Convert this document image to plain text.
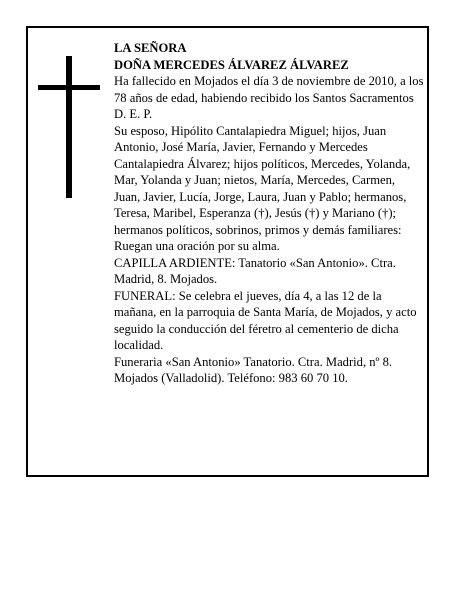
LA SEÑORA

DOÑA MERCEDES ÁLVAREZ ÁLVAREZ

Ha fallecido en Mojados el día 3 de noviembre de 2010, a los 78 años de edad, habiendo recibido los Santos Sacramentos

D. E. P.

Su esposo, Hipólito Cantalapiedra Miguel; hijos, Juan Antonio, José María, Javier, Fernando y Mercedes Cantalapiedra Álvarez; hijos políticos, Mercedes, Yolanda, Mar, Yolanda y Juan; nietos, María, Mercedes, Carmen, Juan, Javier, Lucía, Jorge, Laura, Juan y Pablo; hermanos, Teresa, Maribel, Esperanza (†), Jesús (†) y Mariano (†); hermanos políticos, sobrinos, primos y demás familiares:

Ruegan una oración por su alma.

CAPILLA ARDIENTE: Tanatorio «San Antonio». Ctra. Madrid, 8. Mojados.

FUNERAL: Se celebra el jueves, día 4, a las 12 de la mañana, en la parroquia de Santa María, de Mojados, y acto seguido la conducción del féretro al cementerio de dicha localidad.

Funeraria «San Antonio» Tanatorio. Ctra. Madrid, nº 8. Mojados (Valladolid). Teléfono: 983 60 70 10.
